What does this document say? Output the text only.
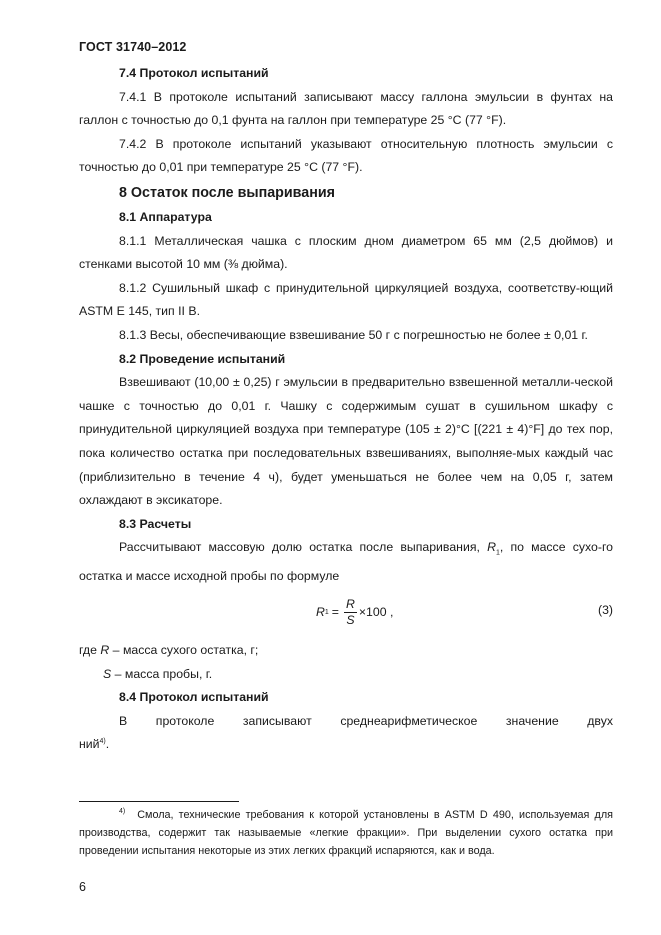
ГОСТ 31740–2012
7.4 Протокол испытаний

7.4.1 В протоколе испытаний записывают массу галлона эмульсии в фунтах на галлон с точностью до 0,1 фунта на галлон при температуре 25 °С (77 °F).

7.4.2 В протоколе испытаний указывают относительную плотность эмульсии с точностью до 0,01 при температуре 25 °С (77 °F).

8 Остаток после выпаривания
8.1 Аппаратура

8.1.1 Металлическая чашка с плоским дном диаметром 65 мм (2,5 дюймов) и стенками высотой 10 мм (⅜ дюйма).

8.1.2 Сушильный шкаф с принудительной циркуляцией воздуха, соответству-ющий ASTM E 145, тип II B.

8.1.3 Весы, обеспечивающие взвешивание 50 г с погрешностью не более ± 0,01 г.

8.2 Проведение испытаний

Взвешивают (10,00 ± 0,25) г эмульсии в предварительно взвешенной металли-ческой чашке с точностью до 0,01 г. Чашку с содержимым сушат в сушильном шкафу с принудительной циркуляцией воздуха при температуре (105 ± 2)°С [(221 ± 4)°F] до тех пор, пока количество остатка при последовательных взвешиваниях, выполняе-мых каждый час (приблизительно в течение 4 ч), будет уменьшаться не более чем на 0,05 г, затем охлаждают в эксикаторе.

8.3 Расчеты

Рассчитывают массовую долю остатка после выпаривания, $R_1$, по массе сухо-го остатка и массе исходной пробы по формуле

R $1 = \frac{R}{S} \times 100$ ,	(3)

где R – масса сухого остатка, г;

S – масса пробы, г.

8.4 Протокол испытаний

В протоколе записывают среднеарифметическое значение двух

ний$^{4)}$.

$^{4)}$ Смола, технические требования к которой установлены в ASTM D 490, используемая для производства, содержит так называемые «легкие фракции». При выделении сухого остатка при проведении испытания некоторые из этих легких фракций испаряются, как и вода.
6
